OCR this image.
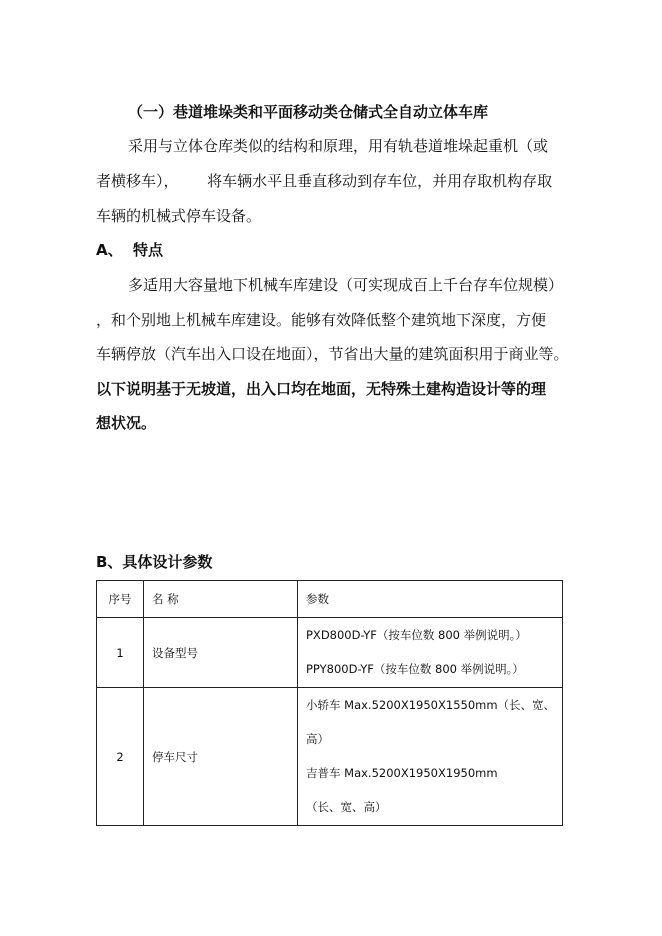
（一）巷道堆垛类和平面移动类仓储式全自动立体车库
采用与立体仓库类似的结构和原理，用有轨巷道堆垛起重机（或
者横移车），      将车辆水平且垂直移动到存车位，并用存取机构存取
车辆的机械式停车设备。
A、  特点
多适用大容量地下机械车库建设（可实现成百上千台存车位规模）
，和个别地上机械车库建设。能够有效降低整个建筑地下深度，方便
车辆停放（汽车出入口设在地面），节省出大量的建筑面积用于商业等。
以下说明基于无坡道，出入口均在地面，无特殊土建构造设计等的理
想状况。
B、具体设计参数
序号	名 称	参数
1	设备型号	PXD800D-YF（按车位数 800 举例说明。）
PPY800D-YF（按车位数 800 举例说明。）

2	停车尺寸	小轿车 Max.5200X1950X1550mm（长、宽、
高）
吉普车 Max.5200X1950X1950mm
（长、宽、高）
